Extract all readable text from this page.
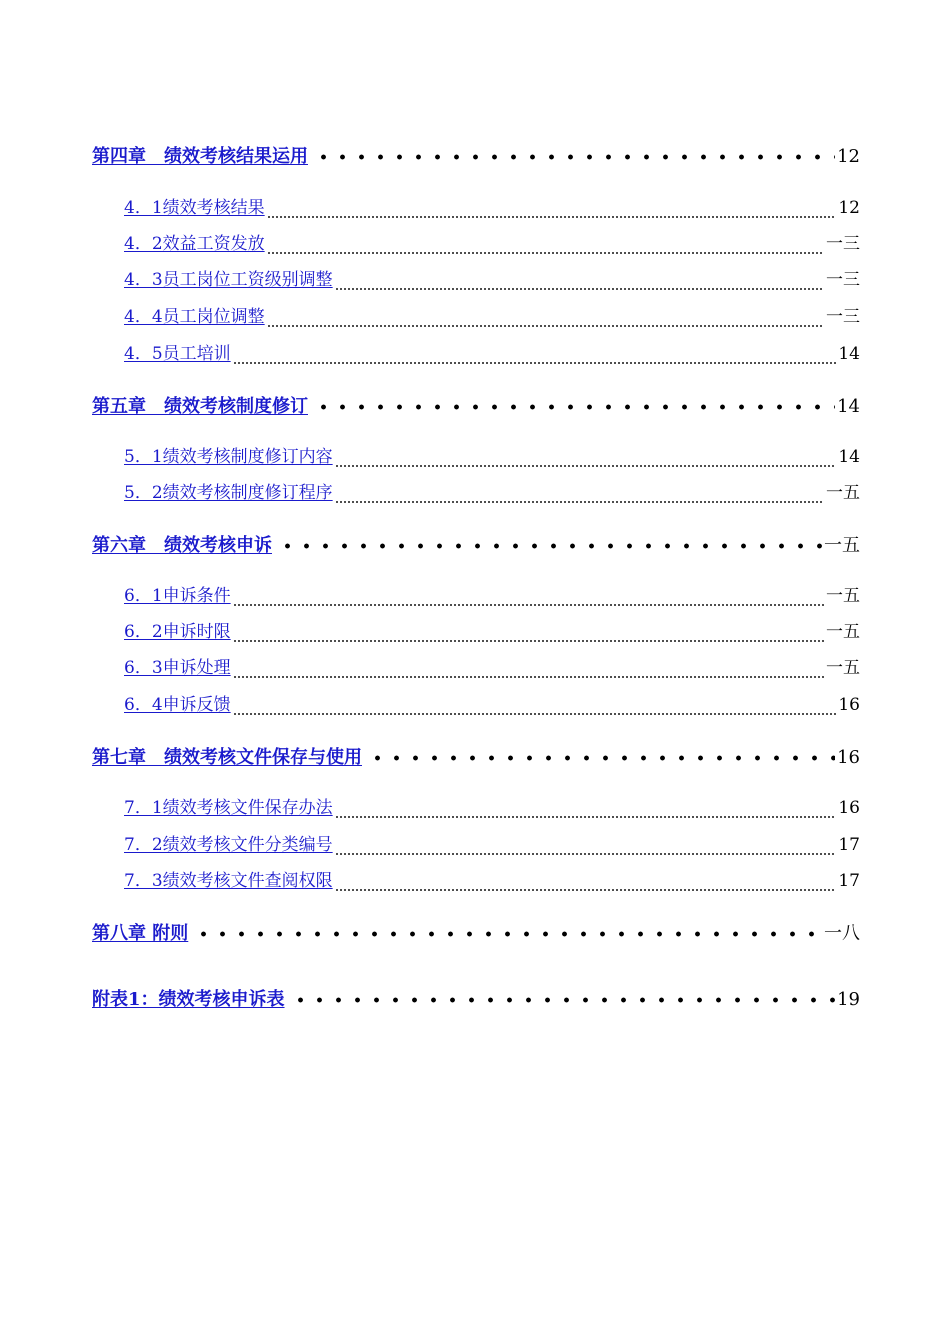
第四章　绩效考核结果运用	12
4．1绩效考核结果	12
4．2效益工资发放	一三
4．3员工岗位工资级别调整	一三
4．4员工岗位调整	一三
4．5员工培训	14
第五章　绩效考核制度修订	14
5．1绩效考核制度修订内容	14
5．2绩效考核制度修订程序	一五
第六章　绩效考核申诉	一五
6．1申诉条件	一五
6．2申诉时限	一五
6．3申诉处理	一五
6．4申诉反馈	16
第七章　绩效考核文件保存与使用	16
7．1绩效考核文件保存办法	16
7．2绩效考核文件分类编号	17
7．3绩效考核文件查阅权限	17
第八章 附则	一八
附表1：绩效考核申诉表	19
